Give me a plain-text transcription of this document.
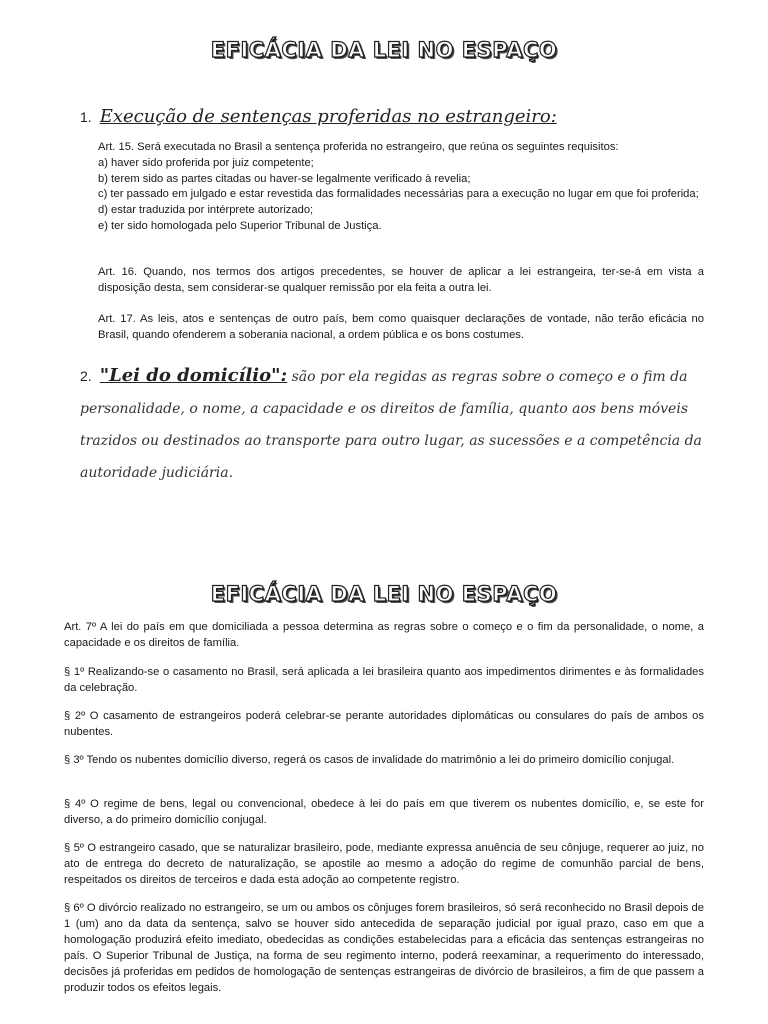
EFICÁCIA DA LEI NO ESPAÇO
1. Execução de sentenças proferidas no estrangeiro:

Art. 15. Será executada no Brasil a sentença proferida no estrangeiro, que reúna os seguintes requisitos:

a) haver sido proferida por juiz competente;

b) terem sido as partes citadas ou haver-se legalmente verificado à revelia;

c) ter passado em julgado e estar revestida das formalidades necessárias para a execução no lugar em que foi proferida;

d) estar traduzida por intérprete autorizado;

e) ter sido homologada pelo Superior Tribunal de Justiça.

Art. 16. Quando, nos termos dos artigos precedentes, se houver de aplicar a lei estrangeira, ter-se-á em vista a disposição desta, sem considerar-se qualquer remissão por ela feita a outra lei.

Art. 17. As leis, atos e sentenças de outro país, bem como quaisquer declarações de vontade, não terão eficácia no Brasil, quando ofenderem a soberania nacional, a ordem pública e os bons costumes.

2. "Lei do domicílio": são por ela regidas as regras sobre o começo e o fim da personalidade, o nome, a capacidade e os direitos de família, quanto aos bens móveis trazidos ou destinados ao transporte para outro lugar, as sucessões e a competência da autoridade judiciária.
EFICÁCIA DA LEI NO ESPAÇO

Art. 7º A lei do país em que domiciliada a pessoa determina as regras sobre o começo e o fim da personalidade, o nome, a capacidade e os direitos de família.

§ 1º Realizando-se o casamento no Brasil, será aplicada a lei brasileira quanto aos impedimentos dirimentes e às formalidades da celebração.

§ 2º O casamento de estrangeiros poderá celebrar-se perante autoridades diplomáticas ou consulares do país de ambos os nubentes.

§ 3º Tendo os nubentes domicílio diverso, regerá os casos de invalidade do matrimônio a lei do primeiro domicílio conjugal.

§ 4º O regime de bens, legal ou convencional, obedece à lei do país em que tiverem os nubentes domicílio, e, se este for diverso, a do primeiro domicílio conjugal.

§ 5º O estrangeiro casado, que se naturalizar brasileiro, pode, mediante expressa anuência de seu cônjuge, requerer ao juiz, no ato de entrega do decreto de naturalização, se apostile ao mesmo a adoção do regime de comunhão parcial de bens, respeitados os direitos de terceiros e dada esta adoção ao competente registro.

§ 6º O divórcio realizado no estrangeiro, se um ou ambos os cônjuges forem brasileiros, só será reconhecido no Brasil depois de 1 (um) ano da data da sentença, salvo se houver sido antecedida de separação judicial por igual prazo, caso em que a homologação produzirá efeito imediato, obedecidas as condições estabelecidas para a eficácia das sentenças estrangeiras no país. O Superior Tribunal de Justiça, na forma de seu regimento interno, poderá reexaminar, a requerimento do interessado, decisões já proferidas em pedidos de homologação de sentenças estrangeiras de divórcio de brasileiros, a fim de que passem a produzir todos os efeitos legais.
